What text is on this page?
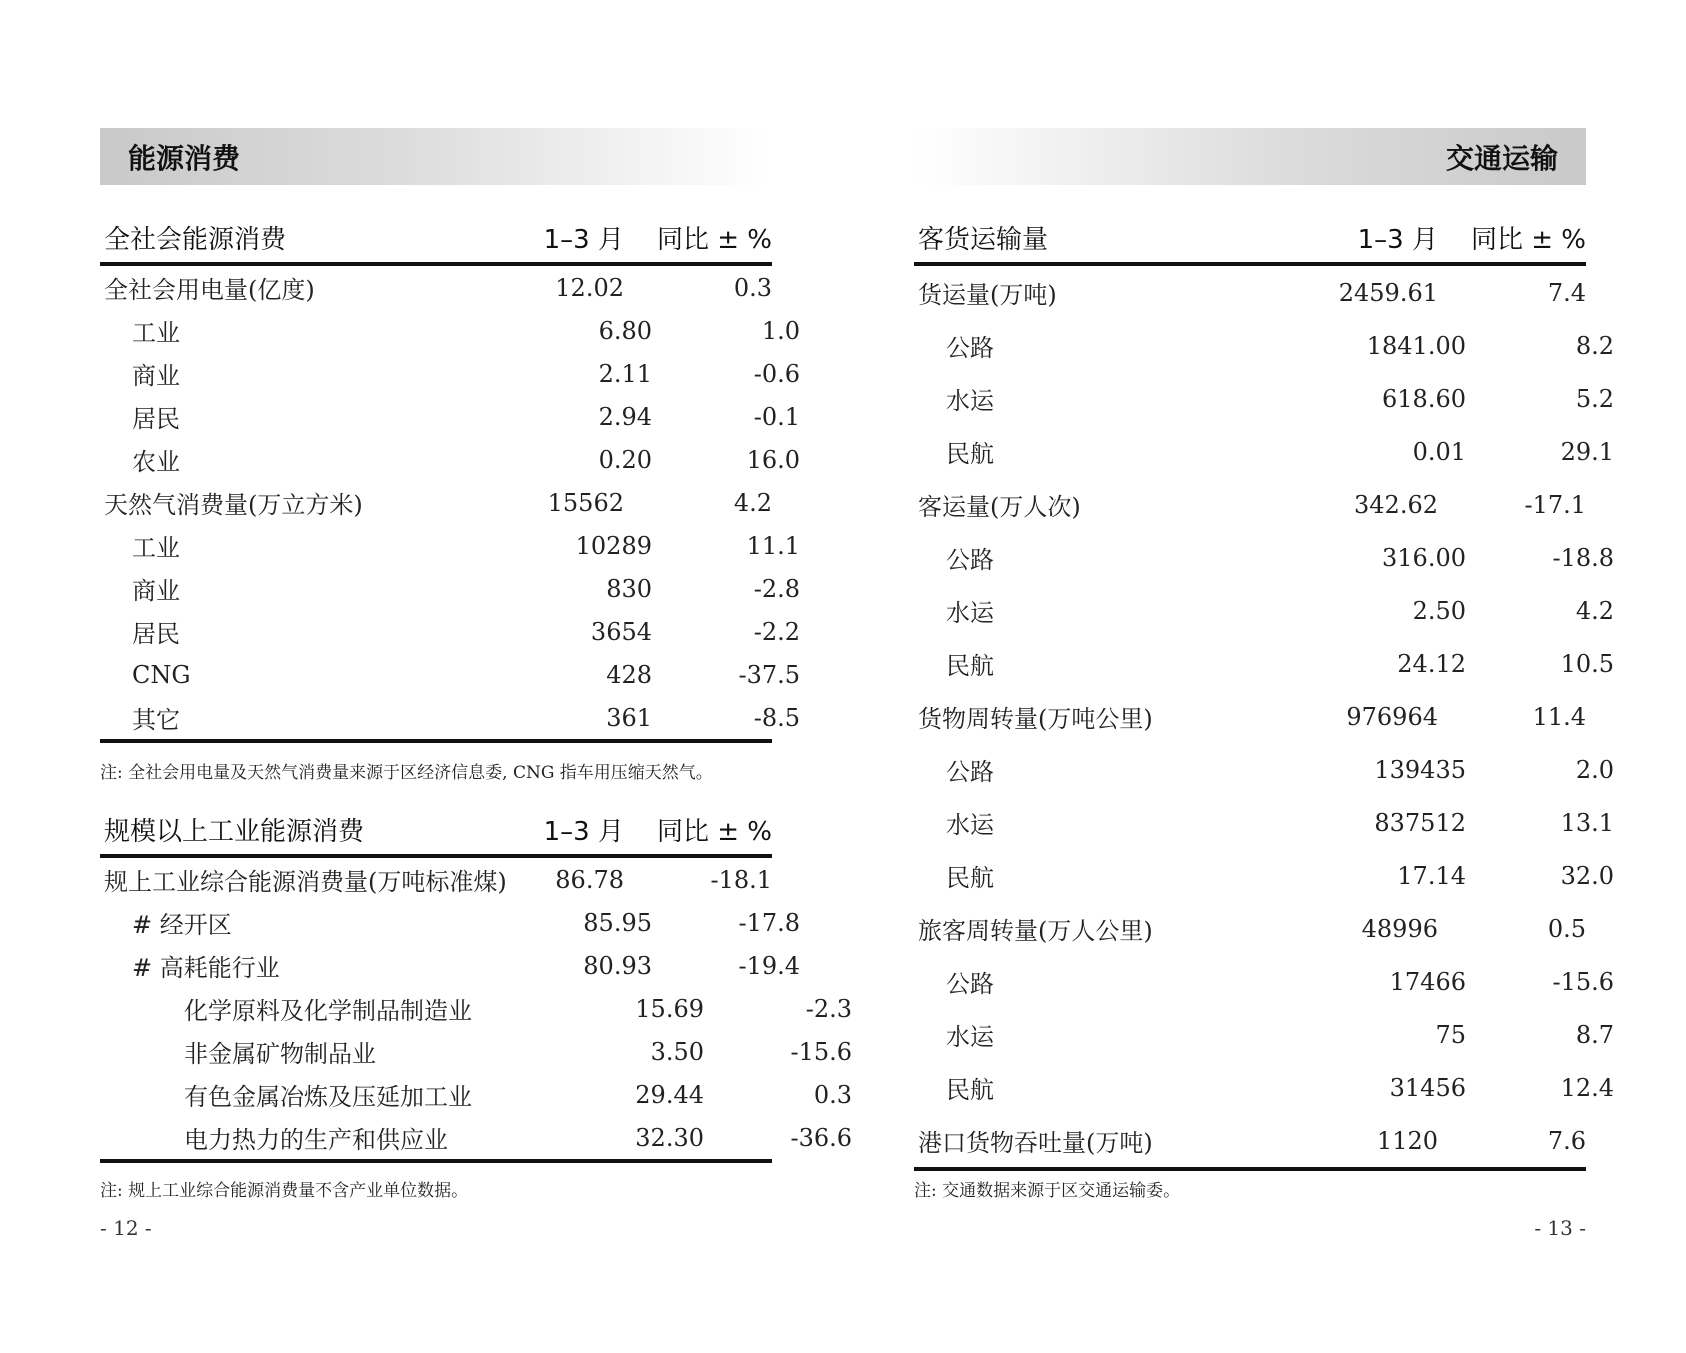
能源消费
全社会能源消费	1–3 月	同比 ± %
全社会用电量(亿度)	12.02	0.3
工业	6.80	1.0
商业	2.11	-0.6
居民	2.94	-0.1
农业	0.20	16.0
天然气消费量(万立方米)	15562	4.2
工业	10289	11.1
商业	830	-2.8
居民	3654	-2.2
CNG	428	-37.5
其它	361	-8.5
注: 全社会用电量及天然气消费量来源于区经济信息委, CNG 指车用压缩天然气。
规模以上工业能源消费	1–3 月	同比 ± %
规上工业综合能源消费量(万吨标准煤)	86.78	-18.1
# 经开区	85.95	-17.8
# 高耗能行业	80.93	-19.4
化学原料及化学制品制造业	15.69	-2.3
非金属矿物制品业	3.50	-15.6
有色金属冶炼及压延加工业	29.44	0.3
电力热力的生产和供应业	32.30	-36.6
注: 规上工业综合能源消费量不含产业单位数据。
- 12 -
交通运输
客货运输量	1–3 月	同比 ± %
货运量(万吨)	2459.61	7.4
公路	1841.00	8.2
水运	618.60	5.2
民航	0.01	29.1
客运量(万人次)	342.62	-17.1
公路	316.00	-18.8
水运	2.50	4.2
民航	24.12	10.5
货物周转量(万吨公里)	976964	11.4
公路	139435	2.0
水运	837512	13.1
民航	17.14	32.0
旅客周转量(万人公里)	48996	0.5
公路	17466	-15.6
水运	75	8.7
民航	31456	12.4
港口货物吞吐量(万吨)	1120	7.6
注: 交通数据来源于区交通运输委。
- 13 -
